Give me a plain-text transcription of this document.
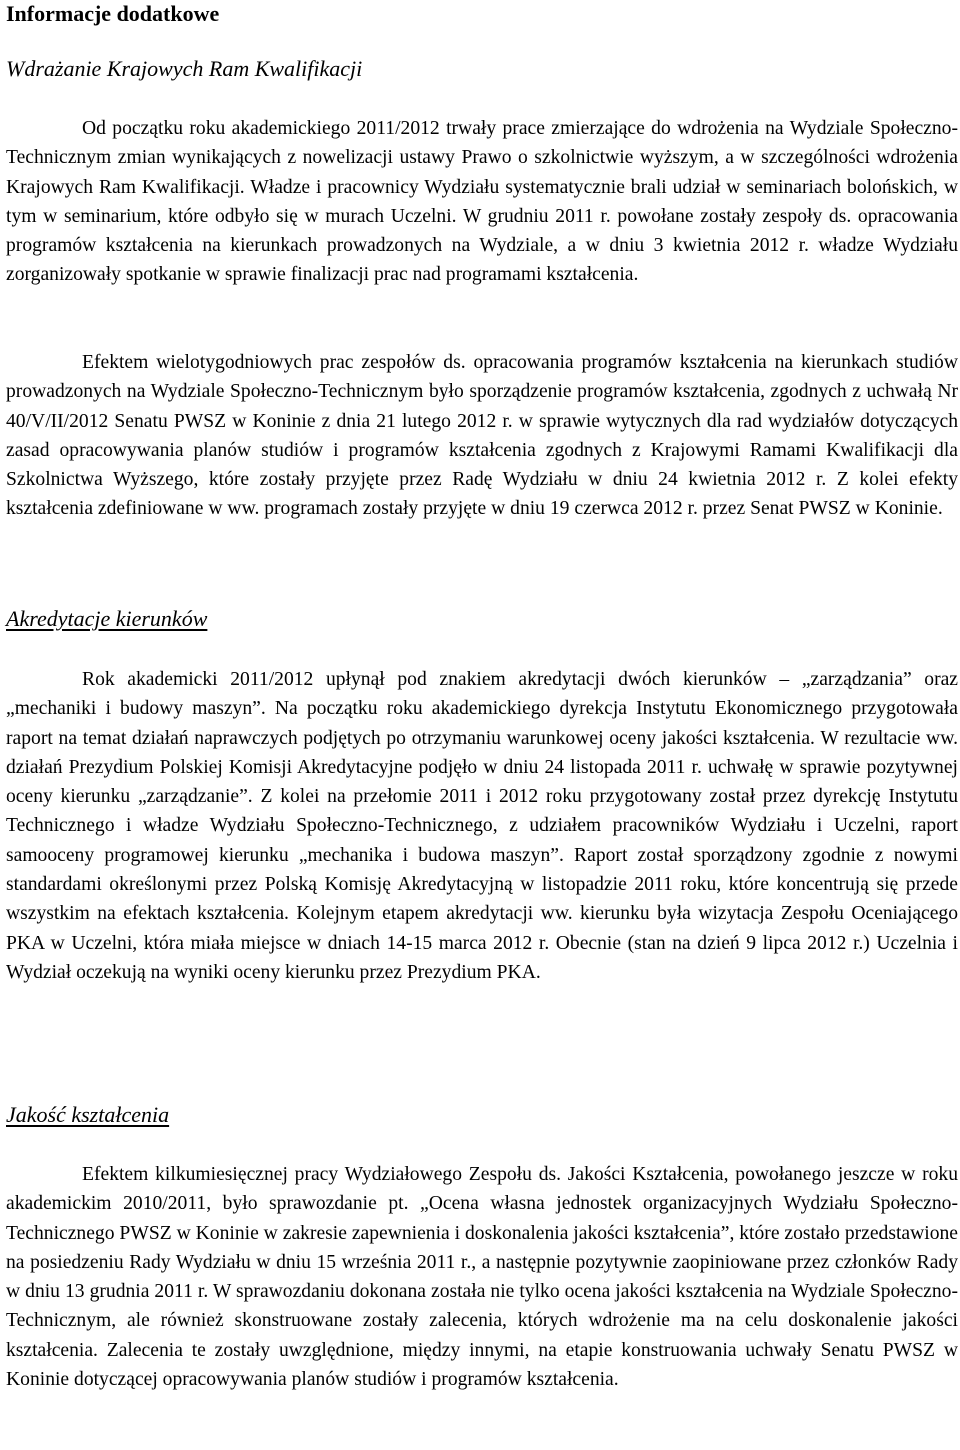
Informacje dodatkowe
Wdrażanie Krajowych Ram Kwalifikacji

Od początku roku akademickiego 2011/2012 trwały prace zmierzające do wdrożenia na Wydziale Społeczno-Technicznym zmian wynikających z nowelizacji ustawy Prawo o szkolnictwie wyższym, a w szczególności wdrożenia Krajowych Ram Kwalifikacji. Władze i pracownicy Wydziału systematycznie brali udział w seminariach bolońskich, w tym w seminarium, które odbyło się w murach Uczelni. W grudniu 2011 r. powołane zostały zespoły ds. opracowania programów kształcenia na kierunkach prowadzonych na Wydziale, a w dniu 3 kwietnia 2012 r. władze Wydziału zorganizowały spotkanie w sprawie finalizacji prac nad programami kształcenia.

Efektem wielotygodniowych prac zespołów ds. opracowania programów kształcenia na kierunkach studiów prowadzonych na Wydziale Społeczno-Technicznym było sporządzenie programów kształcenia, zgodnych z uchwałą Nr 40/V/II/2012 Senatu PWSZ w Koninie z dnia 21 lutego 2012 r. w sprawie wytycznych dla rad wydziałów dotyczących zasad opracowywania planów studiów i programów kształcenia zgodnych z Krajowymi Ramami Kwalifikacji dla Szkolnictwa Wyższego, które zostały przyjęte przez Radę Wydziału w dniu 24 kwietnia 2012 r. Z kolei efekty kształcenia zdefiniowane w ww. programach zostały przyjęte w dniu 19 czerwca 2012 r. przez Senat PWSZ w Koninie.

Akredytacje kierunków

Rok akademicki 2011/2012 upłynął pod znakiem akredytacji dwóch kierunków – „zarządzania” oraz „mechaniki i budowy maszyn”. Na początku roku akademickiego dyrekcja Instytutu Ekonomicznego przygotowała raport na temat działań naprawczych podjętych po otrzymaniu warunkowej oceny jakości kształcenia. W rezultacie ww. działań Prezydium Polskiej Komisji Akredytacyjne podjęło w dniu 24 listopada 2011 r. uchwałę w sprawie pozytywnej oceny kierunku „zarządzanie”. Z kolei na przełomie 2011 i 2012 roku przygotowany został przez dyrekcję Instytutu Technicznego i władze Wydziału Społeczno-Technicznego, z udziałem pracowników Wydziału i Uczelni, raport samooceny programowej kierunku „mechanika i budowa maszyn”. Raport został sporządzony zgodnie z nowymi standardami określonymi przez Polską Komisję Akredytacyjną w listopadzie 2011 roku, które koncentrują się przede wszystkim na efektach kształcenia. Kolejnym etapem akredytacji ww. kierunku była wizytacja Zespołu Oceniającego PKA w Uczelni, która miała miejsce w dniach 14-15 marca 2012 r. Obecnie (stan na dzień 9 lipca 2012 r.) Uczelnia i Wydział oczekują na wyniki oceny kierunku przez Prezydium PKA.

Jakość kształcenia

Efektem kilkumiesięcznej pracy Wydziałowego Zespołu ds. Jakości Kształcenia, powołanego jeszcze w roku akademickim 2010/2011, było sprawozdanie pt. „Ocena własna jednostek organizacyjnych Wydziału Społeczno-Technicznego PWSZ w Koninie w zakresie zapewnienia i doskonalenia jakości kształcenia”, które zostało przedstawione na posiedzeniu Rady Wydziału w dniu 15 września 2011 r., a następnie pozytywnie zaopiniowane przez członków Rady w dniu 13 grudnia 2011 r. W sprawozdaniu dokonana została nie tylko ocena jakości kształcenia na Wydziale Społeczno-Technicznym, ale również skonstruowane zostały zalecenia, których wdrożenie ma na celu doskonalenie jakości kształcenia. Zalecenia te zostały uwzględnione, między innymi, na etapie konstruowania uchwały Senatu PWSZ w Koninie dotyczącej opracowywania planów studiów i programów kształcenia.
